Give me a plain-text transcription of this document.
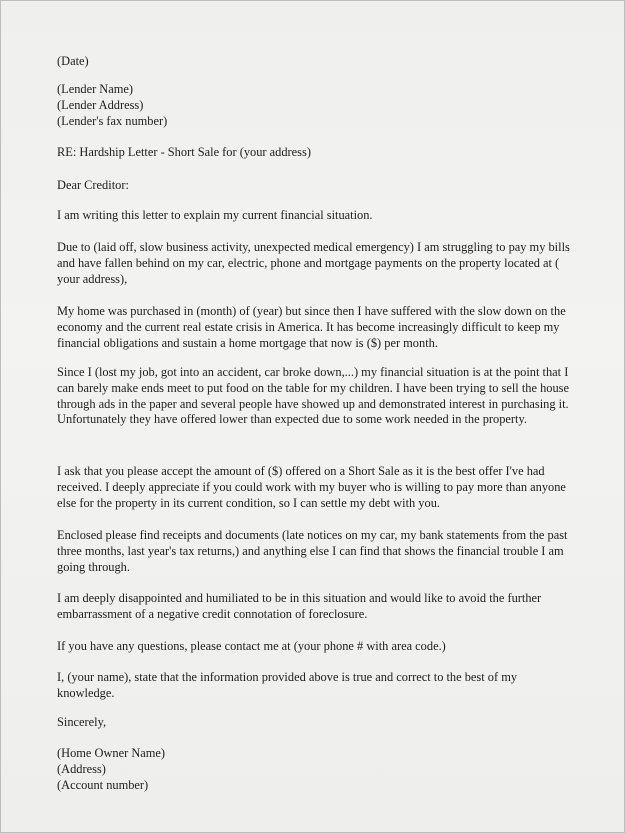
(Date)

(Lender Name)

(Lender Address)

(Lender's fax number)

RE: Hardship Letter - Short Sale for (your address)

Dear Creditor:

I am writing this letter to explain my current financial situation.

Due to (laid off, slow business activity, unexpected medical emergency) I am struggling to pay my bills and have fallen behind on my car, electric, phone and mortgage payments on the property located at ( your address),

My home was purchased in (month) of (year) but since then I have suffered with the slow down on the economy and the current real estate crisis in America. It has become increasingly difficult to keep my financial obligations and sustain a home mortgage that now is ($) per month.

Since I (lost my job, got into an accident, car broke down,...) my financial situation is at the point that I can barely make ends meet to put food on the table for my children. I have been trying to sell the house through ads in the paper and several people have showed up and demonstrated interest in purchasing it. Unfortunately they have offered lower than expected due to some work needed in the property.

I ask that you please accept the amount of ($) offered on a Short Sale as it is the best offer I've had received. I deeply appreciate if you could work with my buyer who is willing to pay more than anyone else for the property in its current condition, so I can settle my debt with you.

Enclosed please find receipts and documents (late notices on my car, my bank statements from the past three months, last year's tax returns,) and anything else I can find that shows the financial trouble I am going through.

I am deeply disappointed and humiliated to be in this situation and would like to avoid the further embarrassment of a negative credit connotation of foreclosure.

If you have any questions, please contact me at (your phone # with area code.)

I, (your name), state that the information provided above is true and correct to the best of my knowledge.

Sincerely,

(Home Owner Name)

(Address)

(Account number)
